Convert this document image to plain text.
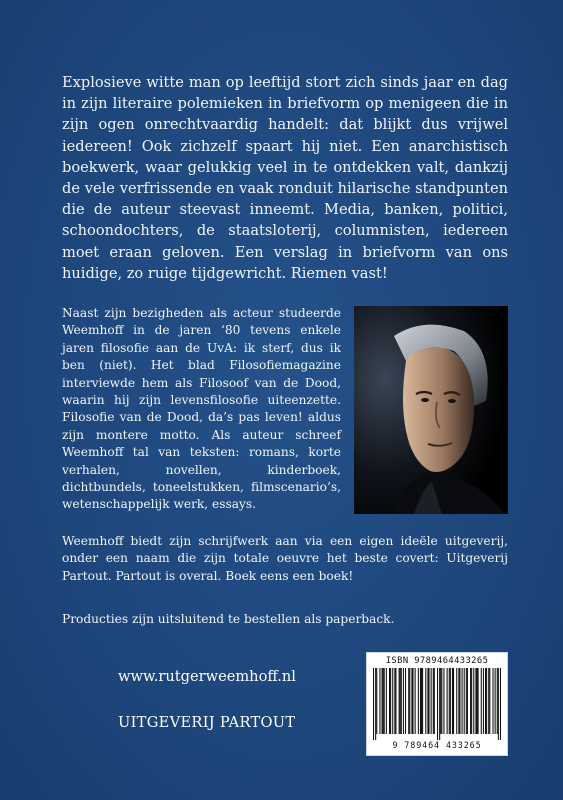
Explosieve witte man op leeftijd stort zich sinds jaar en dag in zijn literaire polemieken in briefvorm op menigeen die in zijn ogen onrechtvaardig handelt: dat blijkt dus vrijwel iedereen! Ook zichzelf spaart hij niet. Een anarchistisch boekwerk, waar gelukkig veel in te ontdekken valt, dankzij de vele verfrissende en vaak ronduit hilarische standpunten die de auteur steevast inneemt. Media, banken, politici, schoondochters, de staatsloterij, columnisten, iedereen moet eraan geloven. Een verslag in briefvorm van ons huidige, zo ruige tijdgewricht. Riemen vast!

Naast zijn bezigheden als acteur studeerde Weemhoff in de jaren ‘80 tevens enkele jaren filosofie aan de UvA: ik sterf, dus ik ben (niet). Het blad Filosofiemagazine interviewde hem als Filosoof van de Dood, waarin hij zijn levensfilosofie uiteenzette. Filosofie van de Dood, da’s pas leven! aldus zijn montere motto. Als auteur schreef Weemhoff tal van teksten: romans, korte verhalen, novellen, kinderboek, dichtbundels, toneelstukken, filmscenario’s, wetenschappelijk werk, essays.

Weemhoff biedt zijn schrijfwerk aan via een eigen ideële uitgeverij, onder een naam die zijn totale oeuvre het beste covert: Uitgeverij Partout. Partout is overal. Boek eens een boek!

Producties zijn uitsluitend te bestellen als paperback.

www.rutgerweemhoff.nl
UITGEVERIJ PARTOUT
ISBN 9789464433265
9 789464 433265
